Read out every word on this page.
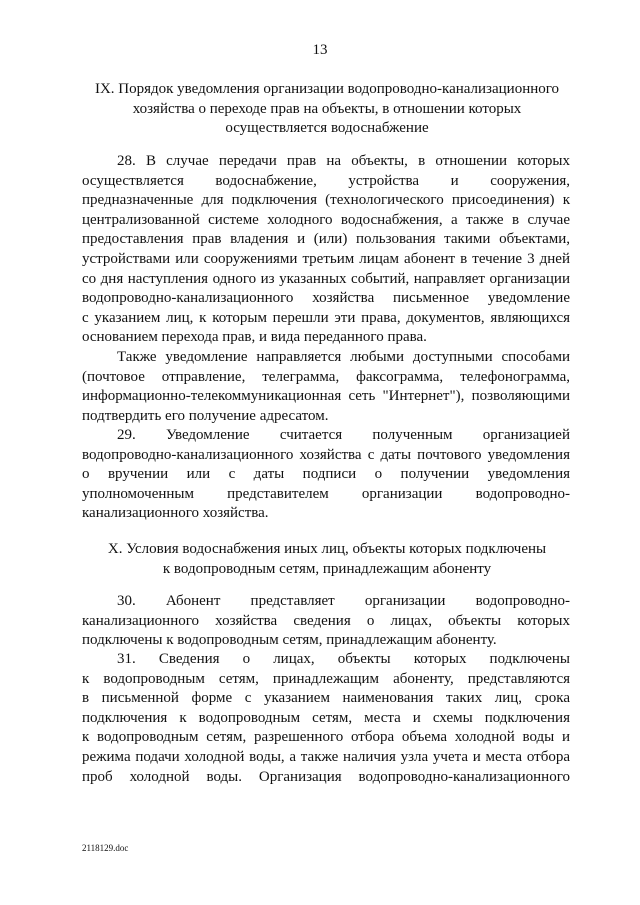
13
IX. Порядок уведомления организации водопроводно-канализационного
хозяйства о переходе прав на объекты, в отношении которых
осуществляется водоснабжение
28. В случае передачи прав на объекты, в отношении которых
осуществляется водоснабжение, устройства и сооружения,
предназначенные для подключения (технологического присоединения) к
централизованной системе холодного водоснабжения, а также в случае
предоставления прав владения и (или) пользования такими объектами,
устройствами или сооружениями третьим лицам абонент в течение 3 дней
со дня наступления одного из указанных событий, направляет организации
водопроводно-канализационного хозяйства письменное уведомление
с указанием лиц, к которым перешли эти права, документов, являющихся
основанием перехода прав, и вида переданного права.
Также уведомление направляется любыми доступными способами
(почтовое отправление, телеграмма, факсограмма, телефонограмма,
информационно-телекоммуникационная сеть "Интернет"), позволяющими
подтвердить его получение адресатом.
29. Уведомление считается полученным организацией
водопроводно-канализационного хозяйства с даты почтового уведомления
о вручении или с даты подписи о получении уведомления
уполномоченным представителем организации водопроводно-
канализационного хозяйства.
X. Условия водоснабжения иных лиц, объекты которых подключены
к водопроводным сетям, принадлежащим абоненту
30. Абонент представляет организации водопроводно-
канализационного хозяйства сведения о лицах, объекты которых
подключены к водопроводным сетям, принадлежащим абоненту.
31. Сведения о лицах, объекты которых подключены
к водопроводным сетям, принадлежащим абоненту, представляются
в письменной форме с указанием наименования таких лиц, срока
подключения к водопроводным сетям, места и схемы подключения
к водопроводным сетям, разрешенного отбора объема холодной воды и
режима подачи холодной воды, а также наличия узла учета и места отбора
проб холодной воды. Организация водопроводно-канализационного
2118129.doc
